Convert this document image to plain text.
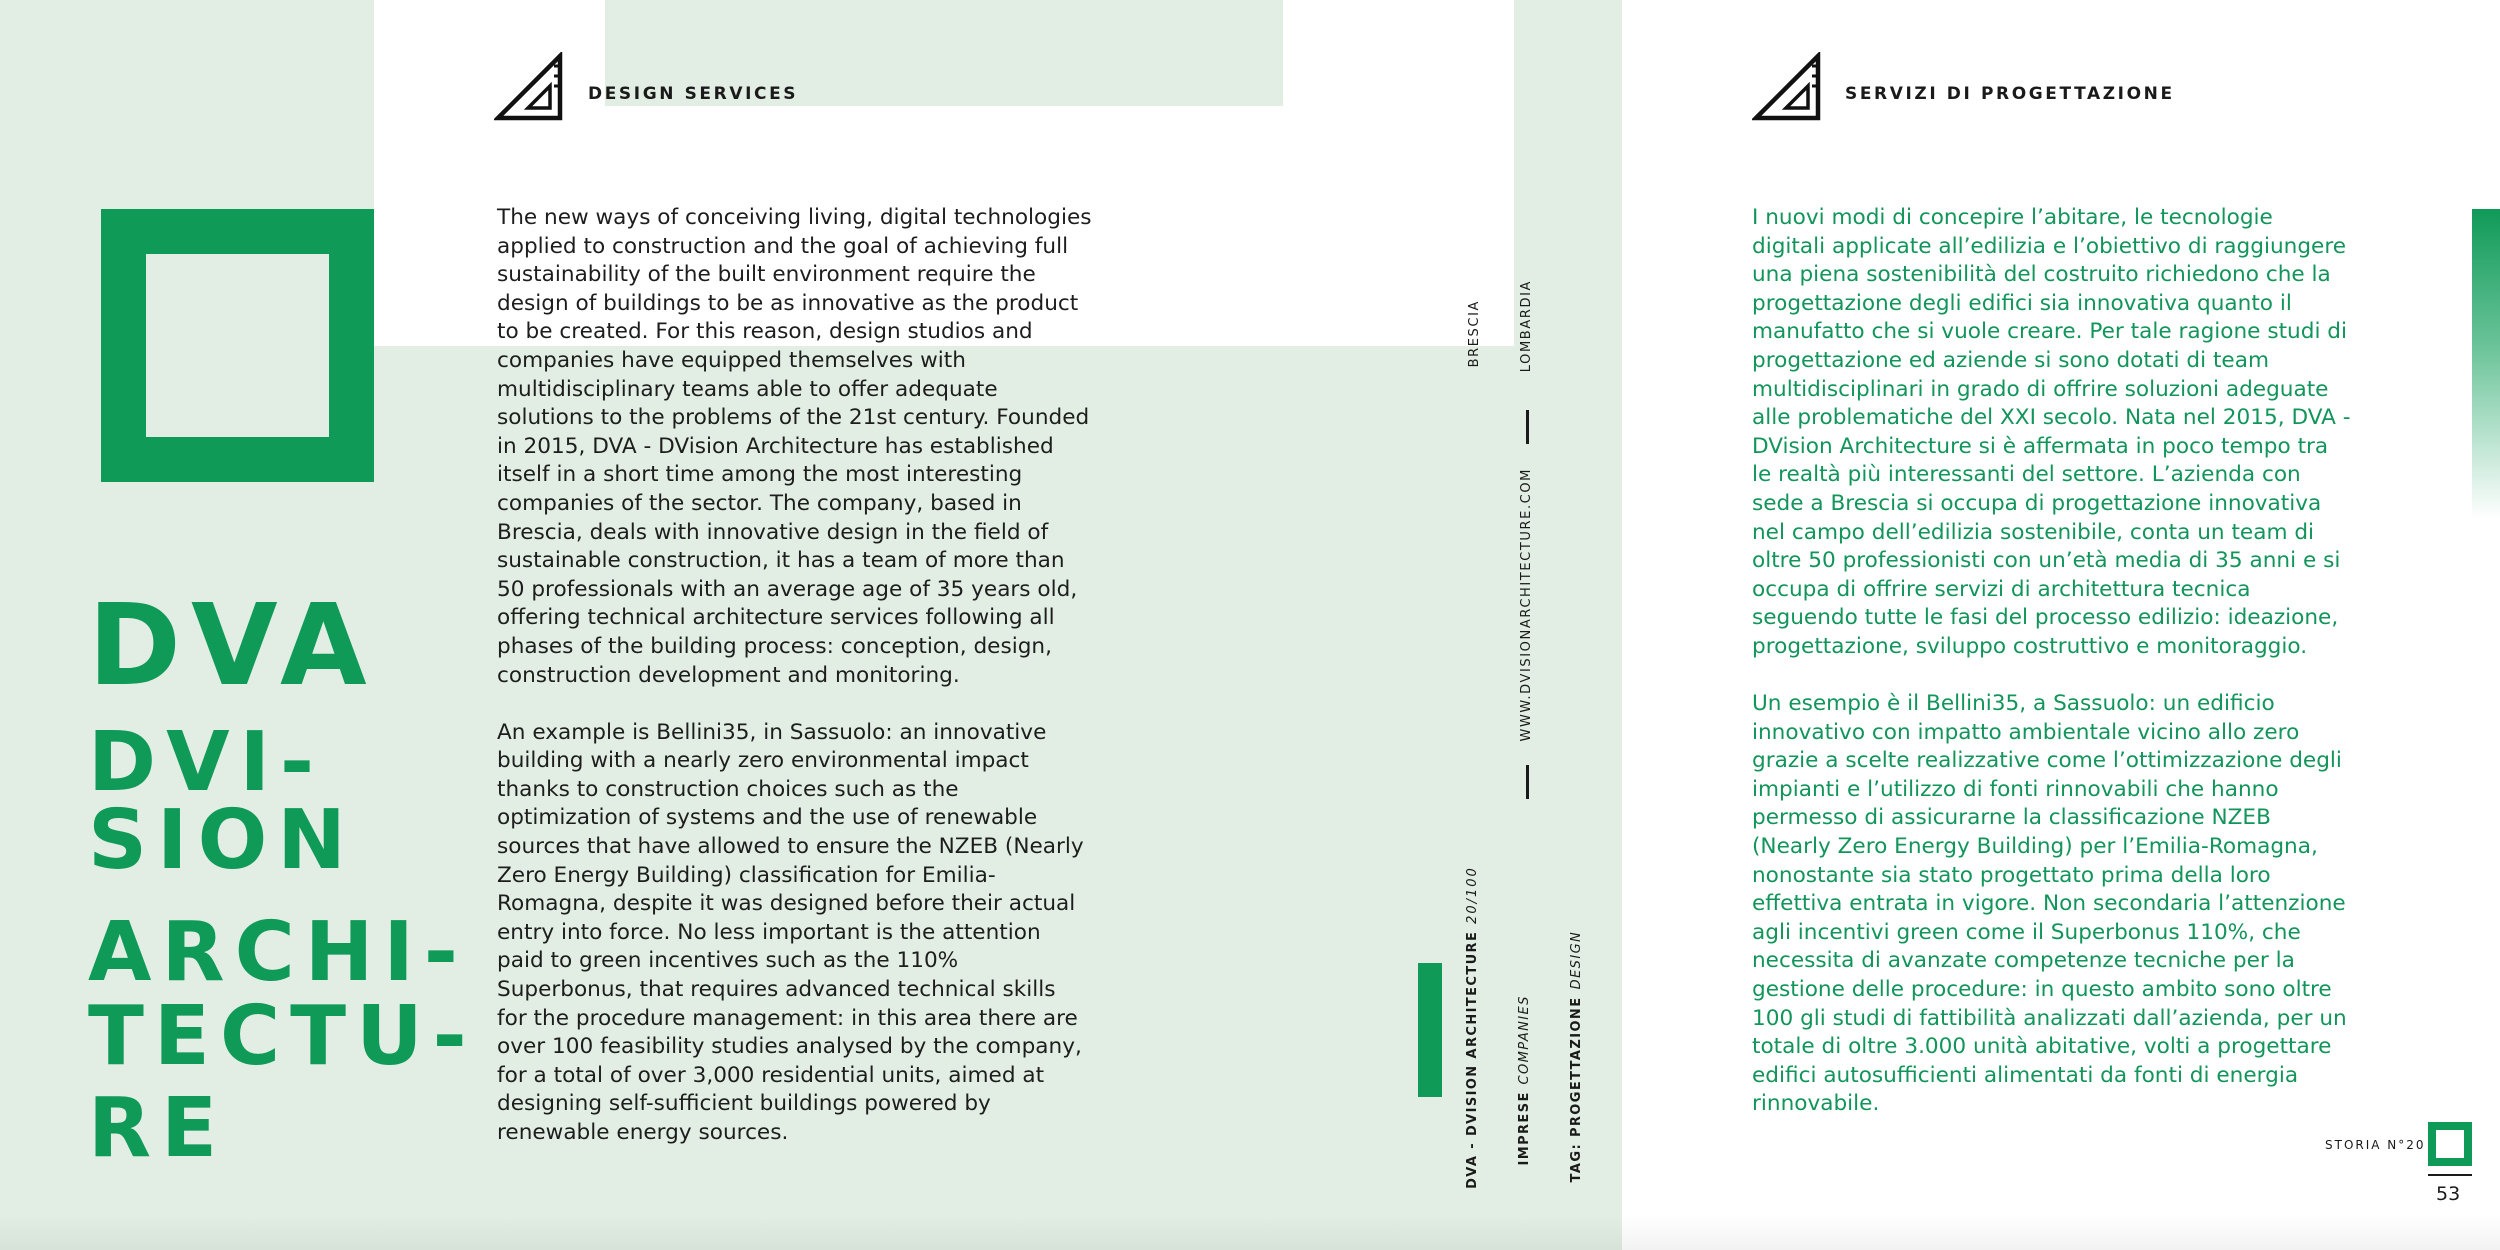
DESIGN SERVICES
DVA
DVI-
SION
ARCHI-
TECTU-
RE

The new ways of conceiving living, digital technologies applied to construction and the goal of achieving full sustainability of the built environment require the design of buildings to be as innovative as the product to be created. For this reason, design studios and companies have equipped themselves with multidisciplinary teams able to offer adequate solutions to the problems of the 21st century. Founded in 2015, DVA - DVision Architecture has established itself in a short time among the most interesting companies of the sector. The company, based in Brescia, deals with innovative design in the field of sustainable construction, it has a team of more than 50 professionals with an average age of 35 years old, offering technical architecture services following all phases of the building process: conception, design, construction development and monitoring.

An example is Bellini35, in Sassuolo: an innovative building with a nearly zero environmental impact thanks to construction choices such as the optimization of systems and the use of renewable sources that have allowed to ensure the NZEB (Nearly Zero Energy Building) classification for Emilia-Romagna, despite it was designed before their actual entry into force. No less important is the attention paid to green incentives such as the 110% Superbonus, that requires advanced technical skills for the procedure management: in this area there are over 100 feasibility studies analysed by the company, for a total of over 3,000 residential units, aimed at designing self-sufficient buildings powered by renewable energy sources.

BRESCIA	LOMBARDIA
WWW.DVISIONARCHITECTURE.COM
DVA - DVISION ARCHITECTURE
20/100
IMPRESE
COMPANIES	TAG: PROGETTAZIONE
DESIGN
SERVIZI DI PROGETTAZIONE

I nuovi modi di concepire l’abitare, le tecnologie digitali applicate all’edilizia e l’obiettivo di raggiungere una piena sostenibilità del costruito richiedono che la progettazione degli edifici sia innovativa quanto il manufatto che si vuole creare. Per tale ragione studi di progettazione ed aziende si sono dotati di team multidisciplinari in grado di offrire soluzioni adeguate alle problematiche del XXI secolo. Nata nel 2015, DVA - DVision Architecture si è affermata in poco tempo tra le realtà più interessanti del settore. L’azienda con sede a Brescia si occupa di progettazione innovativa nel campo dell’edilizia sostenibile, conta un team di oltre 50 professionisti con un’età media di 35 anni e si occupa di offrire servizi di architettura tecnica seguendo tutte le fasi del processo edilizio: ideazione, progettazione, sviluppo costruttivo e monitoraggio.

Un esempio è il Bellini35, a Sassuolo: un edificio innovativo con impatto ambientale vicino allo zero grazie a scelte realizzative come l’ottimizzazione degli impianti e l’utilizzo di fonti rinnovabili che hanno permesso di assicurarne la classificazione NZEB (Nearly Zero Energy Building) per l’Emilia-Romagna, nonostante sia stato progettato prima della loro effettiva entrata in vigore. Non secondaria l’attenzione agli incentivi green come il Superbonus 110%, che necessita di avanzate competenze tecniche per la gestione delle procedure: in questo ambito sono oltre 100 gli studi di fattibilità analizzati dall’azienda, per un totale di oltre 3.000 unità abitative, volti a progettare edifici autosufficienti alimentati da fonti di energia rinnovabile.

STORIA N°20
53
